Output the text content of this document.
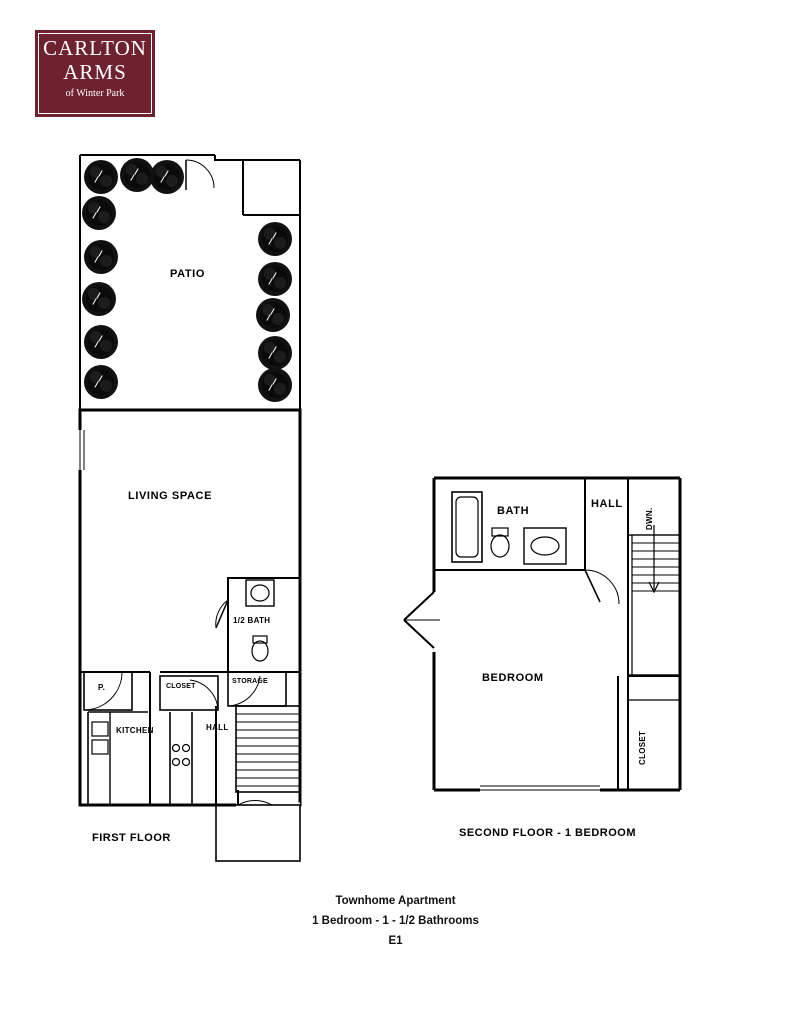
CARLTON
ARMS
of Winter Park
PATIO
LIVING SPACE
1/2 BATH
P.	CLOSET
STORAGE
KITCHEN	HALL
FIRST FLOOR
BATH
HALL
DWN.
BEDROOM
CLOSET
SECOND FLOOR - 1 BEDROOM
Townhome Apartment
1 Bedroom - 1 - 1/2 Bathrooms
E1
